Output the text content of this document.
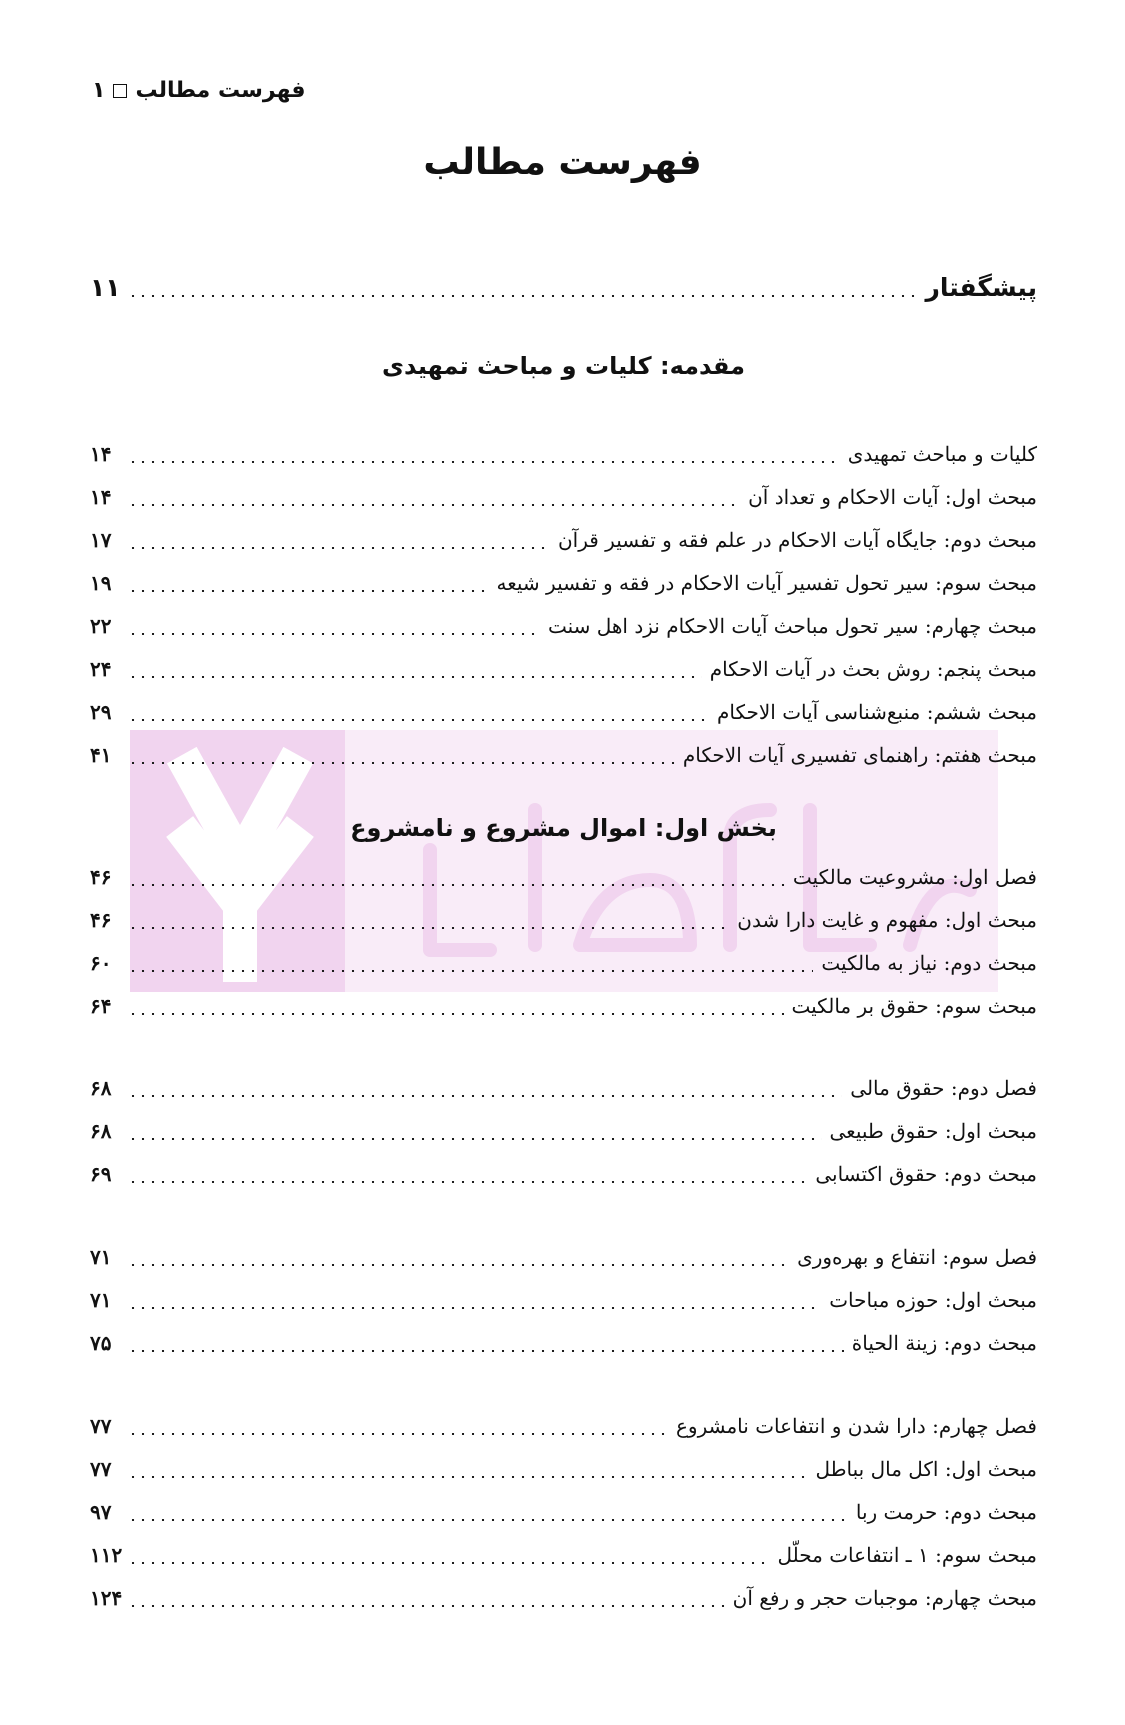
فهرست مطالب۱
فهرست مطالب
پیشگفتار
۱۱
مقدمه: کلیات و مباحث تمهیدی
کلیات و مباحث تمهیدی
۱۴
مبحث اول: آیات الاحکام و تعداد آن
۱۴
مبحث دوم: جایگاه آیات الاحکام در علم فقه و تفسیر قرآن
۱۷
مبحث سوم: سیر تحول تفسیر آیات الاحکام در فقه و تفسیر شیعه
۱۹
مبحث چهارم: سیر تحول مباحث آیات الاحکام نزد اهل سنت
۲۲
مبحث پنجم: روش بحث در آیات الاحکام
۲۴
مبحث ششم: منبع‌شناسی آیات الاحکام
۲۹
مبحث هفتم: راهنمای تفسیری آیات الاحکام
۴۱
بخش اول: اموال مشروع و نامشروع
فصل اول: مشروعیت مالکیت
۴۶
مبحث اول: مفهوم و غایت دارا شدن
۴۶
مبحث دوم: نیاز به مالکیت
۶۰
مبحث سوم: حقوق بر مالکیت
۶۴
فصل دوم: حقوق مالی
۶۸
مبحث اول: حقوق طبیعی
۶۸
مبحث دوم: حقوق اکتسابی
۶۹
فصل سوم: انتفاع و بهره‌وری
۷۱
مبحث اول: حوزه مباحات
۷۱
مبحث دوم: زینة الحیاة
۷۵
فصل چهارم: دارا شدن و انتفاعات نامشروع
۷۷
مبحث اول: اکل مال بباطل
۷۷
مبحث دوم: حرمت ربا
۹۷
مبحث سوم: ۱ ـ انتفاعات محلّل
۱۱۲
مبحث چهارم: موجبات حجر و رفع آن
۱۲۴
